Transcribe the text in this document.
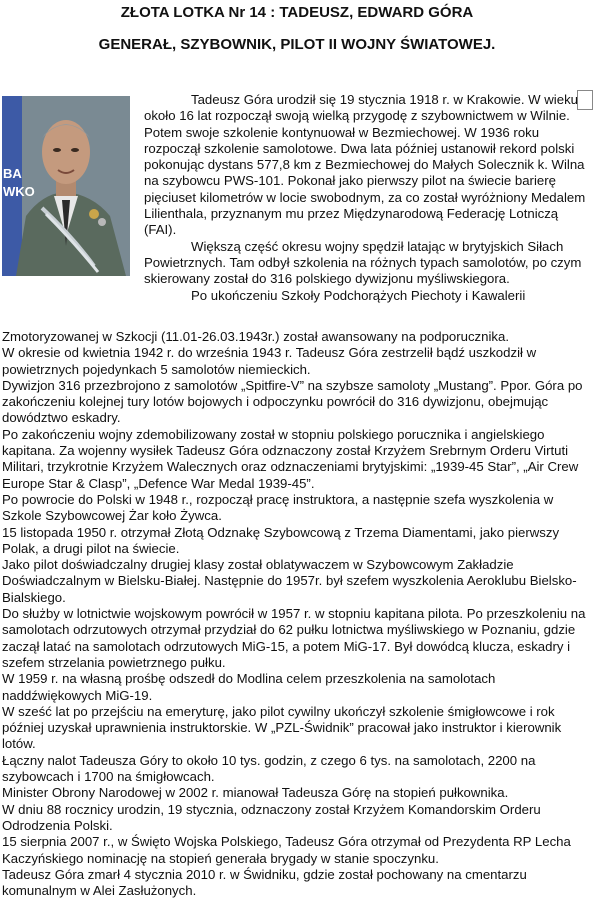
ZŁOTA LOTKA Nr 14 : TADEUSZ, EDWARD GÓRA
GENERAŁ, SZYBOWNIK, PILOT II WOJNY ŚWIATOWEJ.
BA
WKO

Tadeusz Góra urodził się 19 stycznia 1918 r. w Krakowie. W wieku około 16 lat rozpoczął swoją wielką przygodę z szybownictwem w Wilnie. Potem swoje szkolenie kontynuował w Bezmiechowej. W 1936 roku rozpoczął szkolenie samolotowe. Dwa lata później ustanowił rekord polski pokonując dystans 577,8 km z Bezmiechowej do Małych Solecznik k. Wilna na szybowcu PWS-101. Pokonał jako pierwszy pilot na świecie barierę pięciuset kilometrów w locie swobodnym, za co został wyróżniony Medalem Lilienthala, przyznanym mu przez Międzynarodową Federację Lotniczą (FAI).

Większą część okresu wojny spędził latając w brytyjskich Siłach Powietrznych. Tam odbył szkolenia na różnych typach samolotów, po czym skierowany został do 316 polskiego dywizjonu myśliwskiegora.

Po ukończeniu Szkoły Podchorążych Piechoty i Kawalerii

Zmotoryzowanej w Szkocji (11.01-26.03.1943r.) został awansowany na podporucznika.

W okresie od kwietnia 1942 r. do września 1943 r. Tadeusz Góra zestrzelił bądź uszkodził w powietrznych pojedynkach 5 samolotów niemieckich.

Dywizjon 316 przezbrojono z samolotów „Spitfire-V” na szybsze samoloty „Mustang”. Ppor. Góra po zakończeniu kolejnej tury lotów bojowych i odpoczynku powrócił do 316 dywizjonu, obejmując dowództwo eskadry.

Po zakończeniu wojny zdemobilizowany został w stopniu polskiego porucznika i angielskiego kapitana. Za wojenny wysiłek Tadeusz Góra odznaczony został Krzyżem Srebrnym Orderu Virtuti Militari, trzykrotnie Krzyżem Walecznych oraz odznaczeniami brytyjskimi: „1939-45 Star”, „Air Crew Europe Star & Clasp”, „Defence War Medal 1939-45”.

Po powrocie do Polski w 1948 r., rozpoczął pracę instruktora, a następnie szefa wyszkolenia w Szkole Szybowcowej Żar koło Żywca.

15 listopada 1950 r. otrzymał Złotą Odznakę Szybowcową z Trzema Diamentami, jako pierwszy Polak, a drugi pilot na świecie.

Jako pilot doświadczalny drugiej klasy został oblatywaczem w Szybowcowym Zakładzie Doświadczalnym w Bielsku-Białej. Następnie do 1957r. był szefem wyszkolenia Aeroklubu Bielsko-Bialskiego.

Do służby w lotnictwie wojskowym powrócił w 1957 r. w stopniu kapitana pilota. Po przeszkoleniu na samolotach odrzutowych otrzymał przydział do 62 pułku lotnictwa myśliwskiego w Poznaniu, gdzie zaczął latać na samolotach odrzutowych MiG-15, a potem MiG-17. Był dowódcą klucza, eskadry i szefem strzelania powietrznego pułku.

W 1959 r. na własną prośbę odszedł do Modlina celem przeszkolenia na samolotach naddźwiękowych MiG-19.

W sześć lat po przejściu na emeryturę, jako pilot cywilny ukończył szkolenie śmigłowcowe i rok później uzyskał uprawnienia instruktorskie. W „PZL-Świdnik” pracował jako instruktor i kierownik lotów.

Łączny nalot Tadeusza Góry to około 10 tys. godzin, z czego 6 tys. na samolotach, 2200 na szybowcach i 1700 na śmigłowcach.

Minister Obrony Narodowej w 2002 r. mianował Tadeusza Górę na stopień pułkownika.

W dniu 88 rocznicy urodzin, 19 stycznia, odznaczony został Krzyżem Komandorskim Orderu Odrodzenia Polski.

15 sierpnia 2007 r., w Święto Wojska Polskiego, Tadeusz Góra otrzymał od Prezydenta RP Lecha Kaczyńskiego nominację na stopień generała brygady w stanie spoczynku.

Tadeusz Góra zmarł 4 stycznia 2010 r. w Świdniku, gdzie został pochowany na cmentarzu komunalnym w Alei Zasłużonych.
